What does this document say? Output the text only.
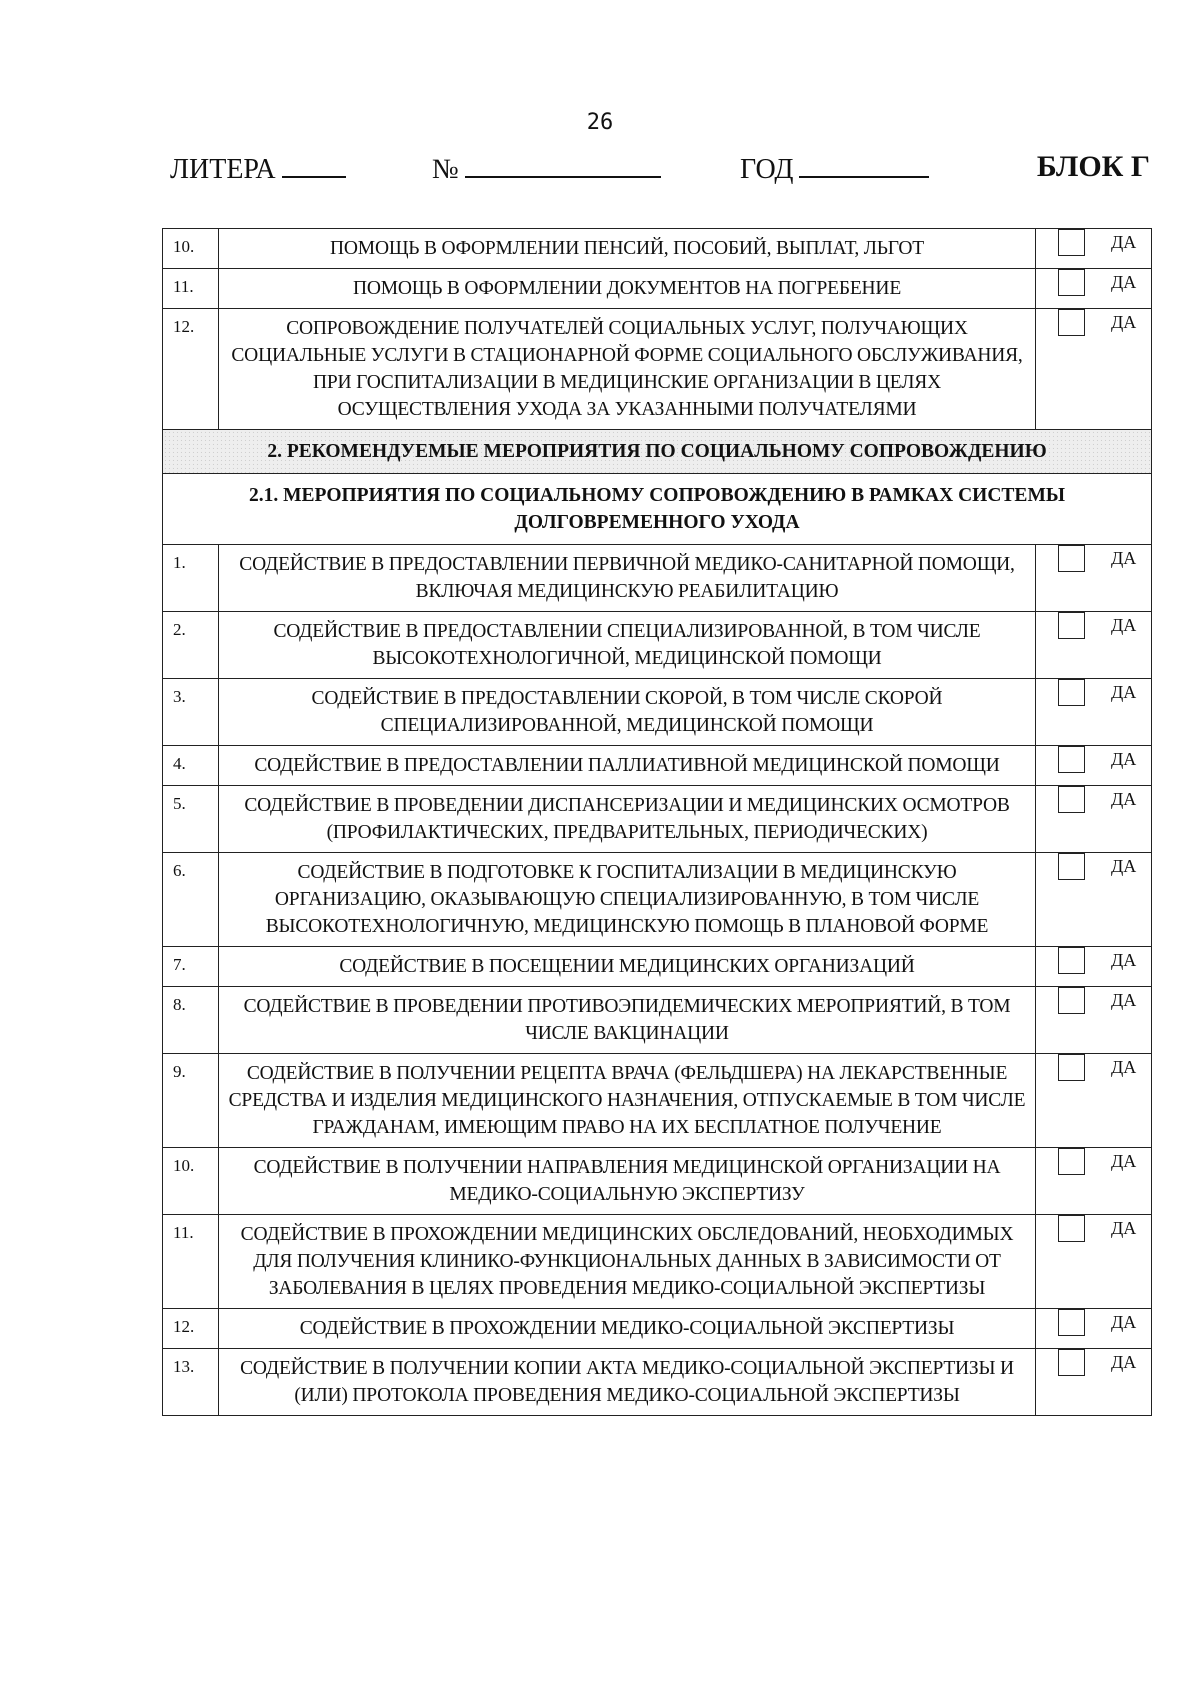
26
ЛИТЕРА	№	ГОД	БЛОК Г
10.	ПОМОЩЬ В ОФОРМЛЕНИИ ПЕНСИЙ, ПОСОБИЙ, ВЫПЛАТ, ЛЬГОТ	ДА

11.	ПОМОЩЬ В ОФОРМЛЕНИИ ДОКУМЕНТОВ НА ПОГРЕБЕНИЕ	ДА

12.	СОПРОВОЖДЕНИЕ ПОЛУЧАТЕЛЕЙ СОЦИАЛЬНЫХ УСЛУГ, ПОЛУЧАЮЩИХ СОЦИАЛЬНЫЕ УСЛУГИ В СТАЦИОНАРНОЙ ФОРМЕ СОЦИАЛЬНОГО ОБСЛУЖИВАНИЯ, ПРИ ГОСПИТАЛИЗАЦИИ В МЕДИЦИНСКИЕ ОРГАНИЗАЦИИ В ЦЕЛЯХ ОСУЩЕСТВЛЕНИЯ УХОДА ЗА УКАЗАННЫМИ ПОЛУЧАТЕЛЯМИ	ДА

2. РЕКОМЕНДУЕМЫЕ МЕРОПРИЯТИЯ ПО СОЦИАЛЬНОМУ СОПРОВОЖДЕНИЮ		
2.1. МЕРОПРИЯТИЯ ПО СОЦИАЛЬНОМУ СОПРОВОЖДЕНИЮ В РАМКАХ СИСТЕМЫ ДОЛГОВРЕМЕННОГО УХОДА		
1.	СОДЕЙСТВИЕ В ПРЕДОСТАВЛЕНИИ ПЕРВИЧНОЙ МЕДИКО-САНИТАРНОЙ ПОМОЩИ, ВКЛЮЧАЯ МЕДИЦИНСКУЮ РЕАБИЛИТАЦИЮ	ДА

2.	СОДЕЙСТВИЕ В ПРЕДОСТАВЛЕНИИ СПЕЦИАЛИЗИРОВАННОЙ, В ТОМ ЧИСЛЕ ВЫСОКОТЕХНОЛОГИЧНОЙ, МЕДИЦИНСКОЙ ПОМОЩИ	ДА

3.	СОДЕЙСТВИЕ В ПРЕДОСТАВЛЕНИИ СКОРОЙ, В ТОМ ЧИСЛЕ СКОРОЙ СПЕЦИАЛИЗИРОВАННОЙ, МЕДИЦИНСКОЙ ПОМОЩИ	ДА

4.	СОДЕЙСТВИЕ В ПРЕДОСТАВЛЕНИИ ПАЛЛИАТИВНОЙ МЕДИЦИНСКОЙ ПОМОЩИ	ДА

5.	СОДЕЙСТВИЕ В ПРОВЕДЕНИИ ДИСПАНСЕРИЗАЦИИ И МЕДИЦИНСКИХ ОСМОТРОВ (ПРОФИЛАКТИЧЕСКИХ, ПРЕДВАРИТЕЛЬНЫХ, ПЕРИОДИЧЕСКИХ)	ДА

6.	СОДЕЙСТВИЕ В ПОДГОТОВКЕ К ГОСПИТАЛИЗАЦИИ В МЕДИЦИНСКУЮ ОРГАНИЗАЦИЮ, ОКАЗЫВАЮЩУЮ СПЕЦИАЛИЗИРОВАННУЮ, В ТОМ ЧИСЛЕ ВЫСОКОТЕХНОЛОГИЧНУЮ, МЕДИЦИНСКУЮ ПОМОЩЬ В ПЛАНОВОЙ ФОРМЕ	ДА

7.	СОДЕЙСТВИЕ В ПОСЕЩЕНИИ МЕДИЦИНСКИХ ОРГАНИЗАЦИЙ	ДА

8.	СОДЕЙСТВИЕ В ПРОВЕДЕНИИ ПРОТИВОЭПИДЕМИЧЕСКИХ МЕРОПРИЯТИЙ, В ТОМ ЧИСЛЕ ВАКЦИНАЦИИ	ДА

9.	СОДЕЙСТВИЕ В ПОЛУЧЕНИИ РЕЦЕПТА ВРАЧА (ФЕЛЬДШЕРА) НА ЛЕКАРСТВЕННЫЕ СРЕДСТВА И ИЗДЕЛИЯ МЕДИЦИНСКОГО НАЗНАЧЕНИЯ, ОТПУСКАЕМЫЕ В ТОМ ЧИСЛЕ ГРАЖДАНАМ, ИМЕЮЩИМ ПРАВО НА ИХ БЕСПЛАТНОЕ ПОЛУЧЕНИЕ	ДА

10.	СОДЕЙСТВИЕ В ПОЛУЧЕНИИ НАПРАВЛЕНИЯ МЕДИЦИНСКОЙ ОРГАНИЗАЦИИ НА МЕДИКО-СОЦИАЛЬНУЮ ЭКСПЕРТИЗУ	ДА

11.	СОДЕЙСТВИЕ В ПРОХОЖДЕНИИ МЕДИЦИНСКИХ ОБСЛЕДОВАНИЙ, НЕОБХОДИМЫХ ДЛЯ ПОЛУЧЕНИЯ КЛИНИКО-ФУНКЦИОНАЛЬНЫХ ДАННЫХ В ЗАВИСИМОСТИ ОТ ЗАБОЛЕВАНИЯ В ЦЕЛЯХ ПРОВЕДЕНИЯ МЕДИКО-СОЦИАЛЬНОЙ ЭКСПЕРТИЗЫ	ДА

12.	СОДЕЙСТВИЕ В ПРОХОЖДЕНИИ МЕДИКО-СОЦИАЛЬНОЙ ЭКСПЕРТИЗЫ	ДА

13.	СОДЕЙСТВИЕ В ПОЛУЧЕНИИ КОПИИ АКТА МЕДИКО-СОЦИАЛЬНОЙ ЭКСПЕРТИЗЫ И (ИЛИ) ПРОТОКОЛА ПРОВЕДЕНИЯ МЕДИКО-СОЦИАЛЬНОЙ ЭКСПЕРТИЗЫ	ДА
